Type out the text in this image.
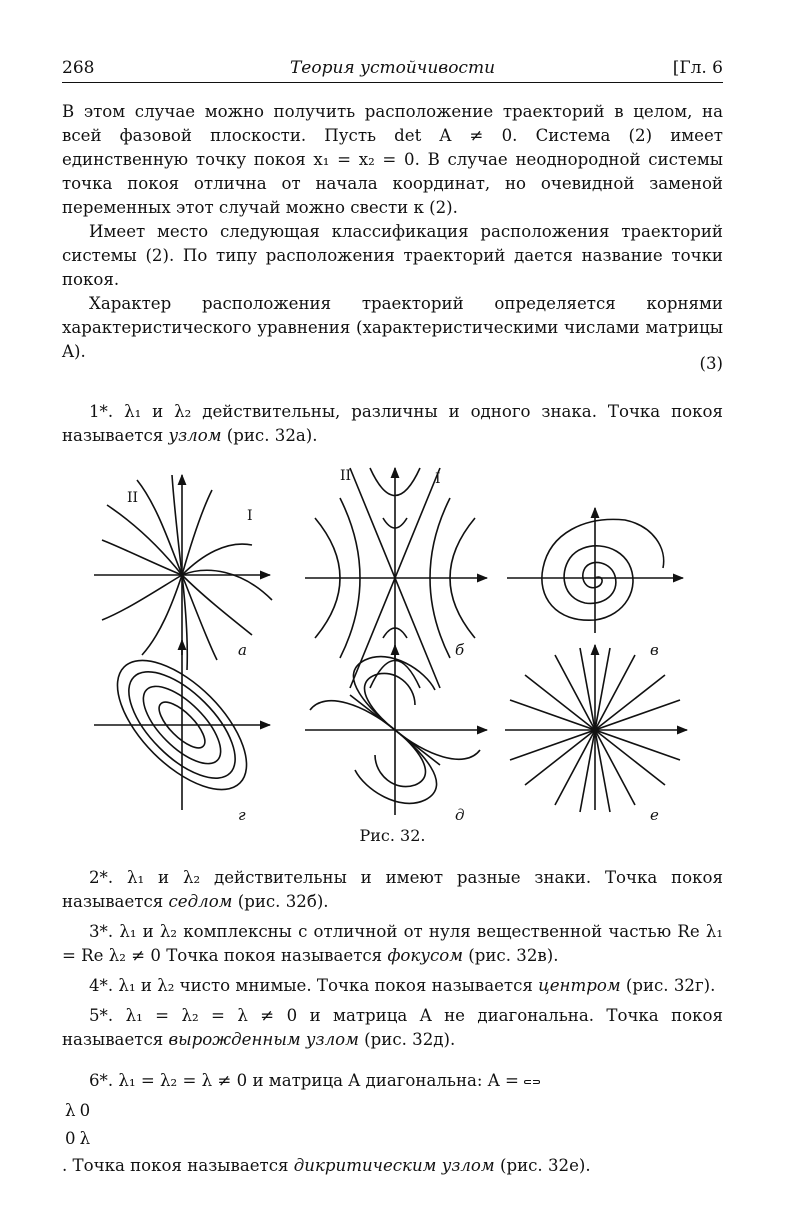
268	Теория устойчивости	[Гл. 6

В этом случае можно получить расположение траекторий в целом, на всей фазовой плоскости. Пусть det A ≠ 0. Система (2) имеет единственную точку покоя x₁ = x₂ = 0. В случае неоднородной системы точка покоя отлична от начала координат, но очевидной заменой переменных этот случай можно свести к (2).

Имеет место следующая классификация расположения траекторий системы (2). По типу расположения траекторий дается название точки покоя.

Характер расположения траекторий определяется корнями характеристического уравнения (характеристическими числами матрицы A).

(3)

1*. λ₁ и λ₂ действительны, различны и одного знака. Точка покоя называется узлом (рис. 32а).

II
I
II	I
а	б	в
г	д	е
Рис. 32.

2*. λ₁ и λ₂ действительны и имеют разные знаки. Точка покоя называется седлом (рис. 32б).

3*. λ₁ и λ₂ комплексны с отличной от нуля вещественной частью Re λ₁ = Re λ₂ ≠ 0 Точка покоя называется фокусом (рис. 32в).

4*. λ₁ и λ₂ чисто мнимые. Точка покоя называется центром (рис. 32г).

5*. λ₁ = λ₂ = λ ≠ 0 и матрица A не диагональна. Точка покоя называется вырожденным узлом (рис. 32д).

6*. λ₁ = λ₂ = λ ≠ 0 и матрица A диагональна: A =

λ	0
0	λ
. Точка покоя называется дикритическим узлом (рис. 32е).
